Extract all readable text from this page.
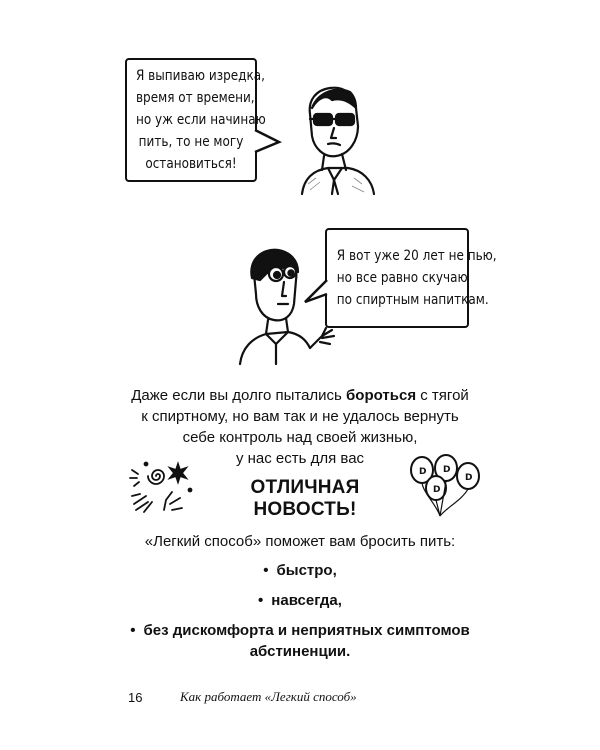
Я выпиваю изредка,
время от времени,
но уж если начинаю
пить, то не могу
остановиться!
Я вот уже 20 лет не пью,
но все равно скучаю
по спиртным напиткам.
Даже если вы долго пытались бороться с тягой
к спиртному, но вам так и не удалось вернуть
себе контроль над своей жизнью,
у нас есть для вас
ОТЛИЧНАЯ НОВОСТЬ!
D D
D
D
«Легкий способ» поможет вам бросить пить:
• быстро,
• навсегда,
• без дискомфорта и неприятных симптомов
абстиненции.
16	Как работает «Легкий способ»
